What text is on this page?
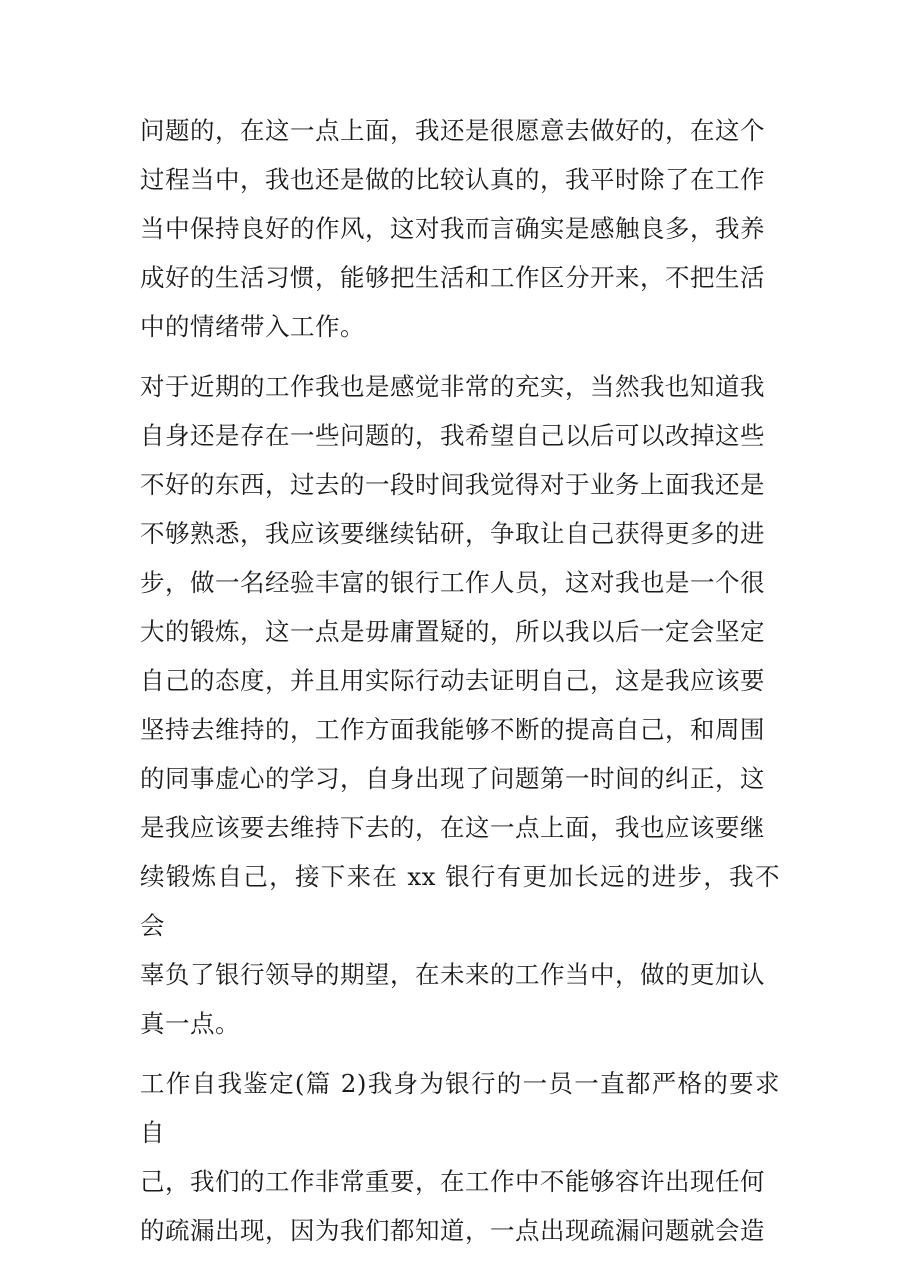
问题的，在这一点上面，我还是很愿意去做好的，在这个
过程当中，我也还是做的比较认真的，我平时除了在工作
当中保持良好的作风，这对我而言确实是感触良多，我养
成好的生活习惯，能够把生活和工作区分开来，不把生活
中的情绪带入工作。

对于近期的工作我也是感觉非常的充实，当然我也知道我
自身还是存在一些问题的，我希望自己以后可以改掉这些
不好的东西，过去的一段时间我觉得对于业务上面我还是
不够熟悉，我应该要继续钻研，争取让自己获得更多的进
步，做一名经验丰富的银行工作人员，这对我也是一个很
大的锻炼，这一点是毋庸置疑的，所以我以后一定会坚定
自己的态度，并且用实际行动去证明自己，这是我应该要
坚持去维持的，工作方面我能够不断的提高自己，和周围
的同事虚心的学习，自身出现了问题第一时间的纠正，这
是我应该要去维持下去的，在这一点上面，我也应该要继
续锻炼自己，接下来在 xx 银行有更加长远的进步，我不会
辜负了银行领导的期望，在未来的工作当中，做的更加认
真一点。

工作自我鉴定(篇 2)我身为银行的一员一直都严格的要求自
己，我们的工作非常重要，在工作中不能够容许出现任何
的疏漏出现，因为我们都知道，一点出现疏漏问题就会造
